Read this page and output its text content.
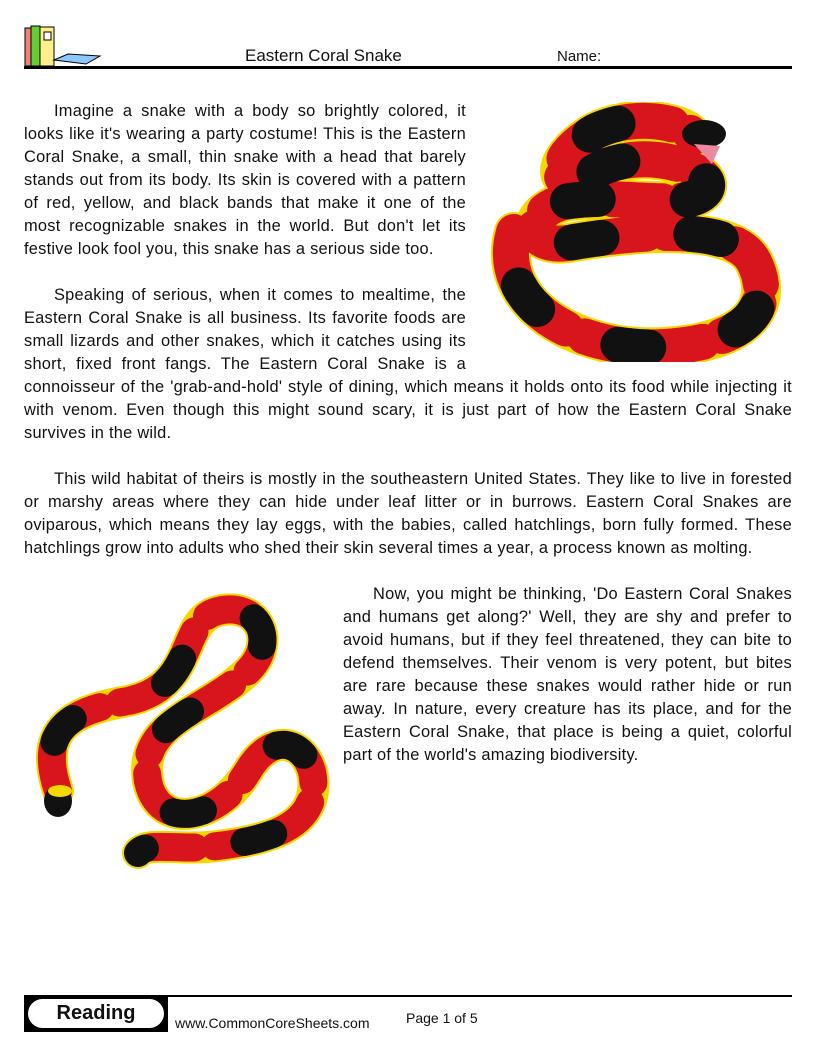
Eastern Coral Snake	Name:

Imagine a snake with a body so brightly colored, it looks like it's wearing a party costume! This is the Eastern Coral Snake, a small, thin snake with a head that barely stands out from its body. Its skin is covered with a pattern of red, yellow, and black bands that make it one of the most recognizable snakes in the world. But don't let its festive look fool you, this snake has a serious side too.

Speaking of serious, when it comes to mealtime, the Eastern Coral Snake is all business. Its favorite foods are small lizards and other snakes, which it catches using its short, fixed front fangs. The Eastern Coral Snake is a connoisseur of the 'grab-and-hold' style of dining, which means it holds onto its food while injecting it with venom. Even though this might sound scary, it is just part of how the Eastern Coral Snake survives in the wild.

This wild habitat of theirs is mostly in the southeastern United States. They like to live in forested or marshy areas where they can hide under leaf litter or in burrows. Eastern Coral Snakes are oviparous, which means they lay eggs, with the babies, called hatchlings, born fully formed. These hatchlings grow into adults who shed their skin several times a year, a process known as molting.

Now, you might be thinking, 'Do Eastern Coral Snakes and humans get along?' Well, they are shy and prefer to avoid humans, but if they feel threatened, they can bite to defend themselves. Their venom is very potent, but bites are rare because these snakes would rather hide or run away. In nature, every creature has its place, and for the Eastern Coral Snake, that place is being a quiet, colorful part of the world's amazing biodiversity.

Reading	www.CommonCoreSheets.com	Page 1 of 5
